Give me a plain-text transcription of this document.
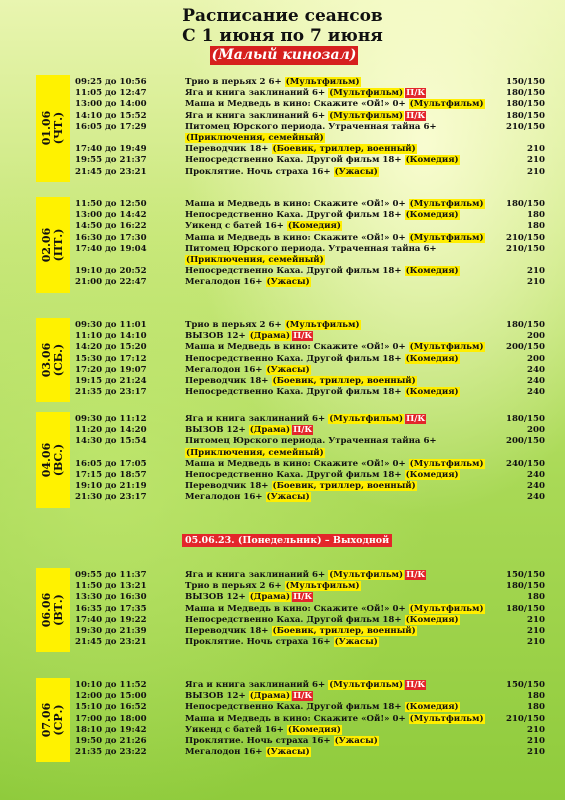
Расписание сеансов
С 1 июня по 7 июня
(Малый кинозал)
01.06 (ЧТ.)
09:25 до 10:56	Трио в перьях 2 6+ (Мультфильм)	150/150
11:05 до 12:47	Яга и книга заклинаний 6+ (Мультфильм) П/К	180/150
13:00 до 14:00	Маша и Медведь в кино: Скажите «Ой!» 0+ (Мультфильм)	180/150
14:10 до 15:52	Яга и книга заклинаний 6+ (Мультфильм) П/К	180/150
16:05 до 17:29	Питомец Юрского периода. Утраченная тайна 6+	210/150
(Приключения, семейный)
17:40 до 19:49	Переводчик 18+ (Боевик, триллер, военный)	210
19:55 до 21:37	Непосредственно Каха. Другой фильм 18+ (Комедия)	210
21:45 до 23:21	Проклятие. Ночь страха 16+ (Ужасы)	210
02.06 (ПТ.)
11:50 до 12:50	Маша и Медведь в кино: Скажите «Ой!» 0+ (Мультфильм)	180/150
13:00 до 14:42	Непосредственно Каха. Другой фильм 18+ (Комедия)	180
14:50 до 16:22	Уикенд с батей 16+ (Комедия)	180
16:30 до 17:30	Маша и Медведь в кино: Скажите «Ой!» 0+ (Мультфильм)	210/150
17:40 до 19:04	Питомец Юрского периода. Утраченная тайна 6+	210/150
(Приключения, семейный)
19:10 до 20:52	Непосредственно Каха. Другой фильм 18+ (Комедия)	210
21:00 до 22:47	Мегалодон 16+ (Ужасы)	210
03.06 (СБ.)
09:30 до 11:01	Трио в перьях 2 6+ (Мультфильм)	180/150
11:10 до 14:10	ВЫЗОВ 12+ (Драма) П/К	200
14:20 до 15:20	Маша и Медведь в кино: Скажите «Ой!» 0+ (Мультфильм)	200/150
15:30 до 17:12	Непосредственно Каха. Другой фильм 18+ (Комедия)	200
17:20 до 19:07	Мегалодон 16+ (Ужасы)	240
19:15 до 21:24	Переводчик 18+ (Боевик, триллер, военный)	240
21:35 до 23:17	Непосредственно Каха. Другой фильм 18+ (Комедия)	240
04.06 (ВС.)
09:30 до 11:12	Яга и книга заклинаний 6+ (Мультфильм) П/К	180/150
11:20 до 14:20	ВЫЗОВ 12+ (Драма) П/К	200
14:30 до 15:54	Питомец Юрского периода. Утраченная тайна 6+	200/150
(Приключения, семейный)
16:05 до 17:05	Маша и Медведь в кино: Скажите «Ой!» 0+ (Мультфильм)	240/150
17:15 до 18:57	Непосредственно Каха. Другой фильм 18+ (Комедия)	240
19:10 до 21:19	Переводчик 18+ (Боевик, триллер, военный)	240
21:30 до 23:17	Мегалодон 16+ (Ужасы)	240
06.06 (ВТ.)
09:55 до 11:37	Яга и книга заклинаний 6+ (Мультфильм) П/К	150/150
11:50 до 13:21	Трио в перьях 2 6+ (Мультфильм)	180/150
13:30 до 16:30	ВЫЗОВ 12+ (Драма) П/К	180
16:35 до 17:35	Маша и Медведь в кино: Скажите «Ой!» 0+ (Мультфильм)	180/150
17:40 до 19:22	Непосредственно Каха. Другой фильм 18+ (Комедия)	210
19:30 до 21:39	Переводчик 18+ (Боевик, триллер, военный)	210
21:45 до 23:21	Проклятие. Ночь страха 16+ (Ужасы)	210
07.06 (СР.)
10:10 до 11:52	Яга и книга заклинаний 6+ (Мультфильм) П/К	150/150
12:00 до 15:00	ВЫЗОВ 12+ (Драма) П/К	180
15:10 до 16:52	Непосредственно Каха. Другой фильм 18+ (Комедия)	180
17:00 до 18:00	Маша и Медведь в кино: Скажите «Ой!» 0+ (Мультфильм)	210/150
18:10 до 19:42	Уикенд с батей 16+ (Комедия)	210
19:50 до 21:26	Проклятие. Ночь страха 16+ (Ужасы)	210
21:35 до 23:22	Мегалодон 16+ (Ужасы)	210
05.06.23. (Понедельник) – Выходной
